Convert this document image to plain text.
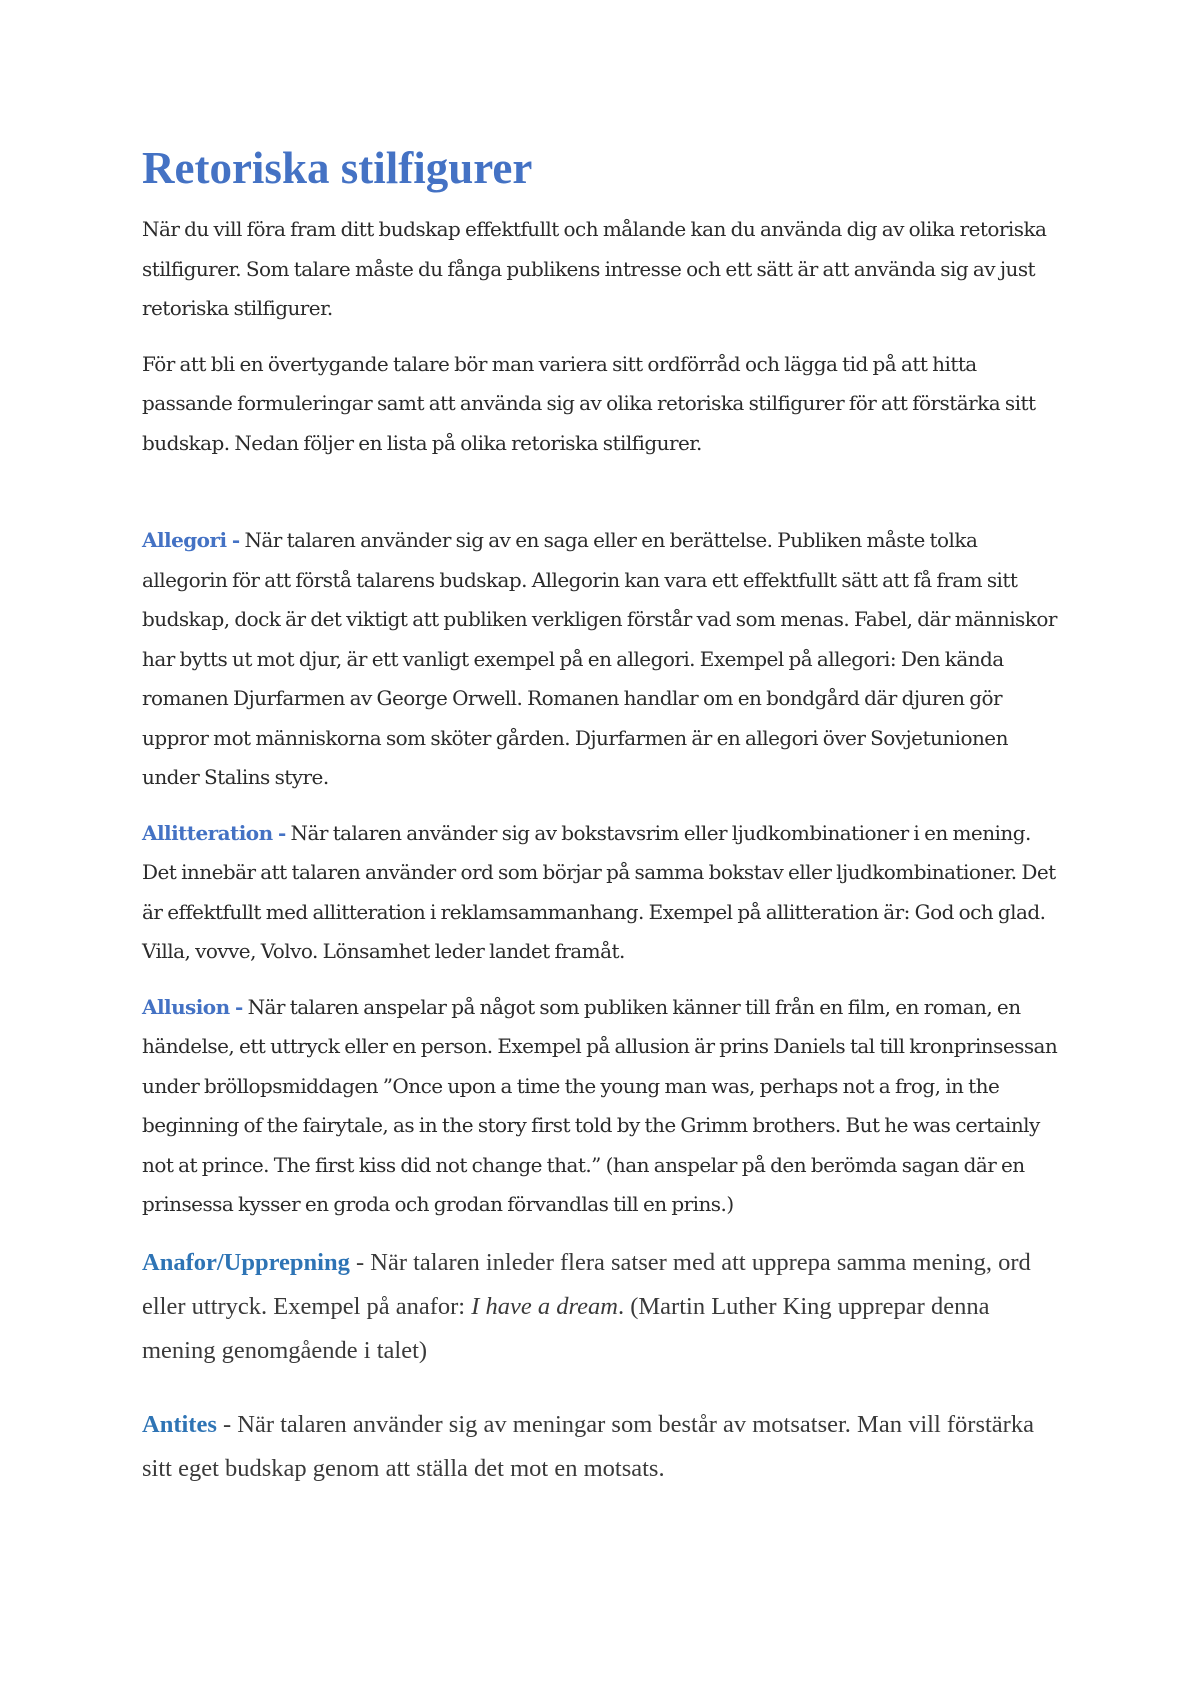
Retoriska stilfigurer

När du vill föra fram ditt budskap effektfullt och målande kan du använda dig av olika retoriska stilfigurer. Som talare måste du fånga publikens intresse och ett sätt är att använda sig av just retoriska stilfigurer.

För att bli en övertygande talare bör man variera sitt ordförråd och lägga tid på att hitta passande formuleringar samt att använda sig av olika retoriska stilfigurer för att förstärka sitt budskap. Nedan följer en lista på olika retoriska stilfigurer.

Allegori - När talaren använder sig av en saga eller en berättelse. Publiken måste tolka allegorin för att förstå talarens budskap. Allegorin kan vara ett effektfullt sätt att få fram sitt budskap, dock är det viktigt att publiken verkligen förstår vad som menas. Fabel, där människor har bytts ut mot djur, är ett vanligt exempel på en allegori. Exempel på allegori: Den kända romanen Djurfarmen av George Orwell. Romanen handlar om en bondgård där djuren gör uppror mot människorna som sköter gården. Djurfarmen är en allegori över Sovjetunionen under Stalins styre.

Allitteration - När talaren använder sig av bokstavsrim eller ljudkombinationer i en mening. Det innebär att talaren använder ord som börjar på samma bokstav eller ljudkombinationer. Det är effektfullt med allitteration i reklamsammanhang. Exempel på allitteration är: God och glad. Villa, vovve, Volvo. Lönsamhet leder landet framåt.

Allusion - När talaren anspelar på något som publiken känner till från en film, en roman, en händelse, ett uttryck eller en person. Exempel på allusion är prins Daniels tal till kronprinsessan under bröllopsmiddagen ”Once upon a time the young man was, perhaps not a frog, in the beginning of the fairytale, as in the story first told by the Grimm brothers. But he was certainly not at prince. The first kiss did not change that.” (han anspelar på den berömda sagan där en prinsessa kysser en groda och grodan förvandlas till en prins.)

Anafor/Upprepning - När talaren inleder flera satser med att upprepa samma mening, ord eller uttryck. Exempel på anafor: I have a dream. (Martin Luther King upprepar denna mening genomgående i talet)

Antites - När talaren använder sig av meningar som består av motsatser. Man vill förstärka sitt eget budskap genom att ställa det mot en motsats.
